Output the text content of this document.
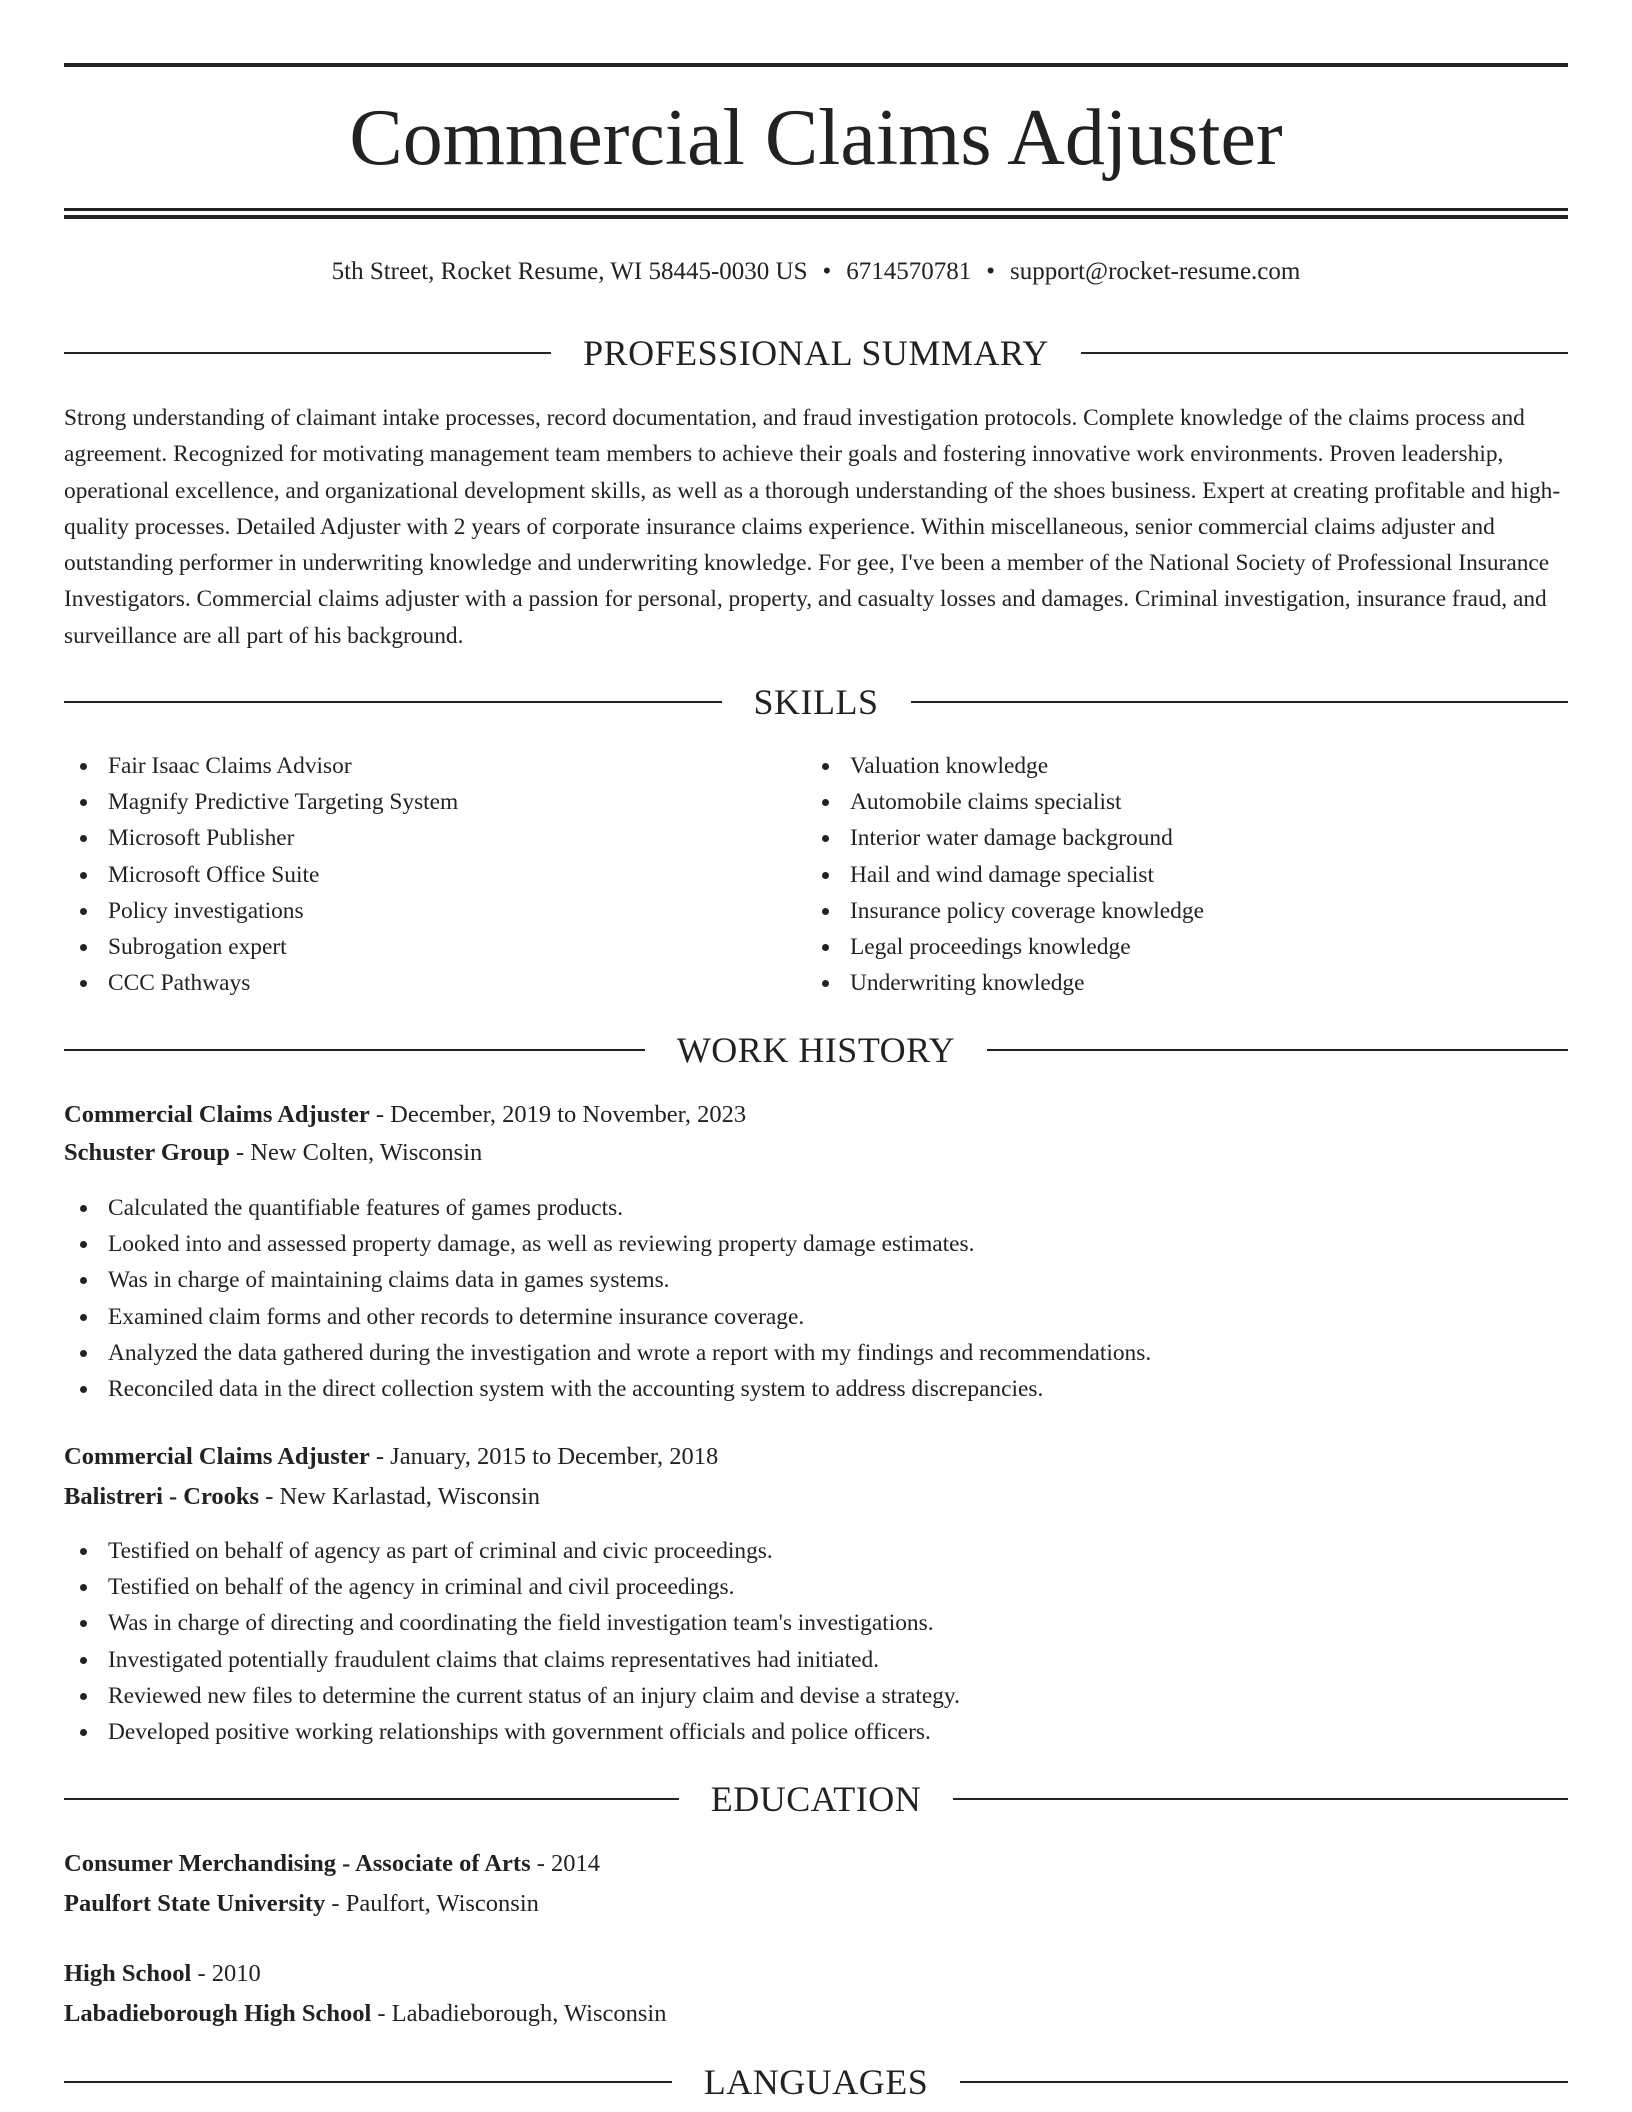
Commercial Claims Adjuster
5th Street, Rocket Resume, WI 58445-0030 US • 6714570781 • support@rocket-resume.com
PROFESSIONAL SUMMARY

Strong understanding of claimant intake processes, record documentation, and fraud investigation protocols. Complete knowledge of the claims process and agreement. Recognized for motivating management team members to achieve their goals and fostering innovative work environments. Proven leadership, operational excellence, and organizational development skills, as well as a thorough understanding of the shoes business. Expert at creating profitable and high-quality processes. Detailed Adjuster with 2 years of corporate insurance claims experience. Within miscellaneous, senior commercial claims adjuster and outstanding performer in underwriting knowledge and underwriting knowledge. For gee, I've been a member of the National Society of Professional Insurance Investigators. Commercial claims adjuster with a passion for personal, property, and casualty losses and damages. Criminal investigation, insurance fraud, and surveillance are all part of his background.

SKILLS
Fair Isaac Claims Advisor
Magnify Predictive Targeting System
Microsoft Publisher
Microsoft Office Suite
Policy investigations
Subrogation expert
CCC Pathways
Valuation knowledge
Automobile claims specialist
Interior water damage background
Hail and wind damage specialist
Insurance policy coverage knowledge
Legal proceedings knowledge
Underwriting knowledge
WORK HISTORY
Commercial Claims Adjuster - December, 2019 to November, 2023
Schuster Group - New Colten, Wisconsin
Calculated the quantifiable features of games products.
Looked into and assessed property damage, as well as reviewing property damage estimates.
Was in charge of maintaining claims data in games systems.
Examined claim forms and other records to determine insurance coverage.
Analyzed the data gathered during the investigation and wrote a report with my findings and recommendations.
Reconciled data in the direct collection system with the accounting system to address discrepancies.
Commercial Claims Adjuster - January, 2015 to December, 2018
Balistreri - Crooks - New Karlastad, Wisconsin
Testified on behalf of agency as part of criminal and civic proceedings.
Testified on behalf of the agency in criminal and civil proceedings.
Was in charge of directing and coordinating the field investigation team's investigations.
Investigated potentially fraudulent claims that claims representatives had initiated.
Reviewed new files to determine the current status of an injury claim and devise a strategy.
Developed positive working relationships with government officials and police officers.
EDUCATION
Consumer Merchandising - Associate of Arts - 2014
Paulfort State University - Paulfort, Wisconsin
High School - 2010
Labadieborough High School - Labadieborough, Wisconsin
LANGUAGES
